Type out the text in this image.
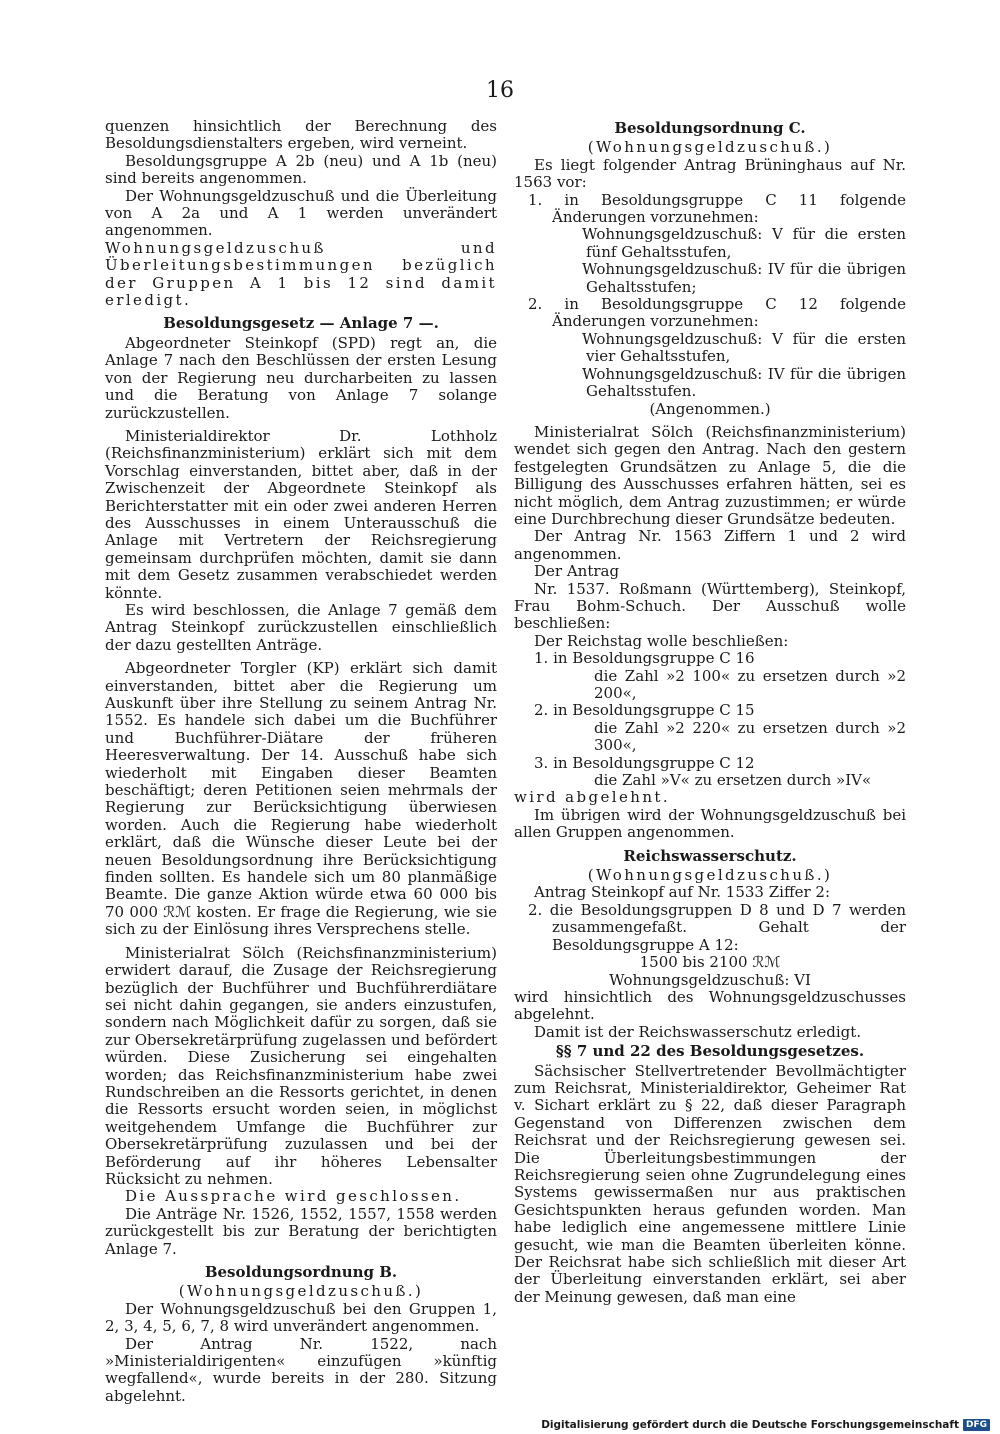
16

quenzen hinsichtlich der Berechnung des Besoldungsdienstalters ergeben, wird verneint.

Besoldungsgruppe A 2b (neu) und A 1b (neu) sind bereits angenommen.

Der Wohnungsgeldzuschuß und die Überleitung von A 2a und A 1 werden unverändert angenommen.

Wohnungsgeldzuschuß und Überleitungsbestimmungen bezüglich der Gruppen A 1 bis 12 sind damit erledigt.

Besoldungsgesetz — Anlage 7 —.

Abgeordneter Steinkopf (SPD) regt an, die Anlage 7 nach den Beschlüssen der ersten Lesung von der Regierung neu durcharbeiten zu lassen und die Beratung von Anlage 7 solange zurückzustellen.

Ministerialdirektor Dr. Lothholz (Reichsfinanzministerium) erklärt sich mit dem Vorschlag einverstanden, bittet aber, daß in der Zwischenzeit der Abgeordnete Steinkopf als Berichterstatter mit ein oder zwei anderen Herren des Ausschusses in einem Unterausschuß die Anlage mit Vertretern der Reichsregierung gemeinsam durchprüfen möchten, damit sie dann mit dem Gesetz zusammen verabschiedet werden könnte.

Es wird beschlossen, die Anlage 7 gemäß dem Antrag Steinkopf zurückzustellen einschließlich der dazu gestellten Anträge.

Abgeordneter Torgler (KP) erklärt sich damit einverstanden, bittet aber die Regierung um Auskunft über ihre Stellung zu seinem Antrag Nr. 1552. Es handele sich dabei um die Buchführer und Buchführer-Diätare der früheren Heeresverwaltung. Der 14. Ausschuß habe sich wiederholt mit Eingaben dieser Beamten beschäftigt; deren Petitionen seien mehrmals der Regierung zur Berücksichtigung überwiesen worden. Auch die Regierung habe wiederholt erklärt, daß die Wünsche dieser Leute bei der neuen Besoldungsordnung ihre Berücksichtigung finden sollten. Es handele sich um 80 planmäßige Beamte. Die ganze Aktion würde etwa 60 000 bis 70 000 ℛℳ kosten. Er frage die Regierung, wie sie sich zu der Einlösung ihres Versprechens stelle.

Ministerialrat Sölch (Reichsfinanzministerium) erwidert darauf, die Zusage der Reichsregierung bezüglich der Buchführer und Buchführerdiätare sei nicht dahin gegangen, sie anders einzustufen, sondern nach Möglichkeit dafür zu sorgen, daß sie zur Obersekretärprüfung zugelassen und befördert würden. Diese Zusicherung sei eingehalten worden; das Reichsfinanzministerium habe zwei Rundschreiben an die Ressorts gerichtet, in denen die Ressorts ersucht worden seien, in möglichst weitgehendem Umfange die Buchführer zur Obersekretärprüfung zuzulassen und bei der Beförderung auf ihr höheres Lebensalter Rücksicht zu nehmen.

Die Aussprache wird geschlossen.

Die Anträge Nr. 1526, 1552, 1557, 1558 werden zurückgestellt bis zur Beratung der berichtigten Anlage 7.

Besoldungsordnung B.

(Wohnungsgeldzuschuß.)

Der Wohnungsgeldzuschuß bei den Gruppen 1, 2, 3, 4, 5, 6, 7, 8 wird unverändert angenommen.

Der Antrag Nr. 1522, nach »Ministerialdirigenten« einzufügen »künftig wegfallend«, wurde bereits in der 280. Sitzung abgelehnt.

Besoldungsordnung C.

(Wohnungsgeldzuschuß.)

Es liegt folgender Antrag Brüninghaus auf Nr. 1563 vor:

1. in Besoldungsgruppe C 11 folgende Änderungen vorzunehmen:

Wohnungsgeldzuschuß: V für die ersten fünf Gehaltsstufen,

Wohnungsgeldzuschuß: IV für die übrigen Gehaltsstufen;

2. in Besoldungsgruppe C 12 folgende Änderungen vorzunehmen:

Wohnungsgeldzuschuß: V für die ersten vier Gehaltsstufen,

Wohnungsgeldzuschuß: IV für die übrigen Gehaltsstufen.

(Angenommen.)

Ministerialrat Sölch (Reichsfinanzministerium) wendet sich gegen den Antrag. Nach den gestern festgelegten Grundsätzen zu Anlage 5, die die Billigung des Ausschusses erfahren hätten, sei es nicht möglich, dem Antrag zuzustimmen; er würde eine Durchbrechung dieser Grundsätze bedeuten.

Der Antrag Nr. 1563 Ziffern 1 und 2 wird angenommen.

Der Antrag

Nr. 1537. Roßmann (Württemberg), Steinkopf, Frau Bohm-Schuch. Der Ausschuß wolle beschließen:

Der Reichstag wolle beschließen:

1. in Besoldungsgruppe C 16

die Zahl »2 100« zu ersetzen durch »2 200«,

2. in Besoldungsgruppe C 15

die Zahl »2 220« zu ersetzen durch »2 300«,

3. in Besoldungsgruppe C 12

die Zahl »V« zu ersetzen durch »IV«

wird abgelehnt.

Im übrigen wird der Wohnungsgeldzuschuß bei allen Gruppen angenommen.

Reichswasserschutz.

(Wohnungsgeldzuschuß.)

Antrag Steinkopf auf Nr. 1533 Ziffer 2:

2. die Besoldungsgruppen D 8 und D 7 werden zusammengefaßt. Gehalt der Besoldungsgruppe A 12:

1500 bis 2100 ℛℳ

Wohnungsgeldzuschuß: VI

wird hinsichtlich des Wohnungsgeldzuschusses abgelehnt.

Damit ist der Reichswasserschutz erledigt.

§§ 7 und 22 des Besoldungsgesetzes.

Sächsischer Stellvertretender Bevollmächtigter zum Reichsrat, Ministerialdirektor, Geheimer Rat v. Sichart erklärt zu § 22, daß dieser Paragraph Gegenstand von Differenzen zwischen dem Reichsrat und der Reichsregierung gewesen sei. Die Überleitungsbestimmungen der Reichsregierung seien ohne Zugrundelegung eines Systems gewissermaßen nur aus praktischen Gesichtspunkten heraus gefunden worden. Man habe lediglich eine angemessene mittlere Linie gesucht, wie man die Beamten überleiten könne. Der Reichsrat habe sich schließlich mit dieser Art der Überleitung einverstanden erklärt, sei aber der Meinung gewesen, daß man eine

Digitalisierung gefördert durch die Deutsche Forschungsgemeinschaft DFG
